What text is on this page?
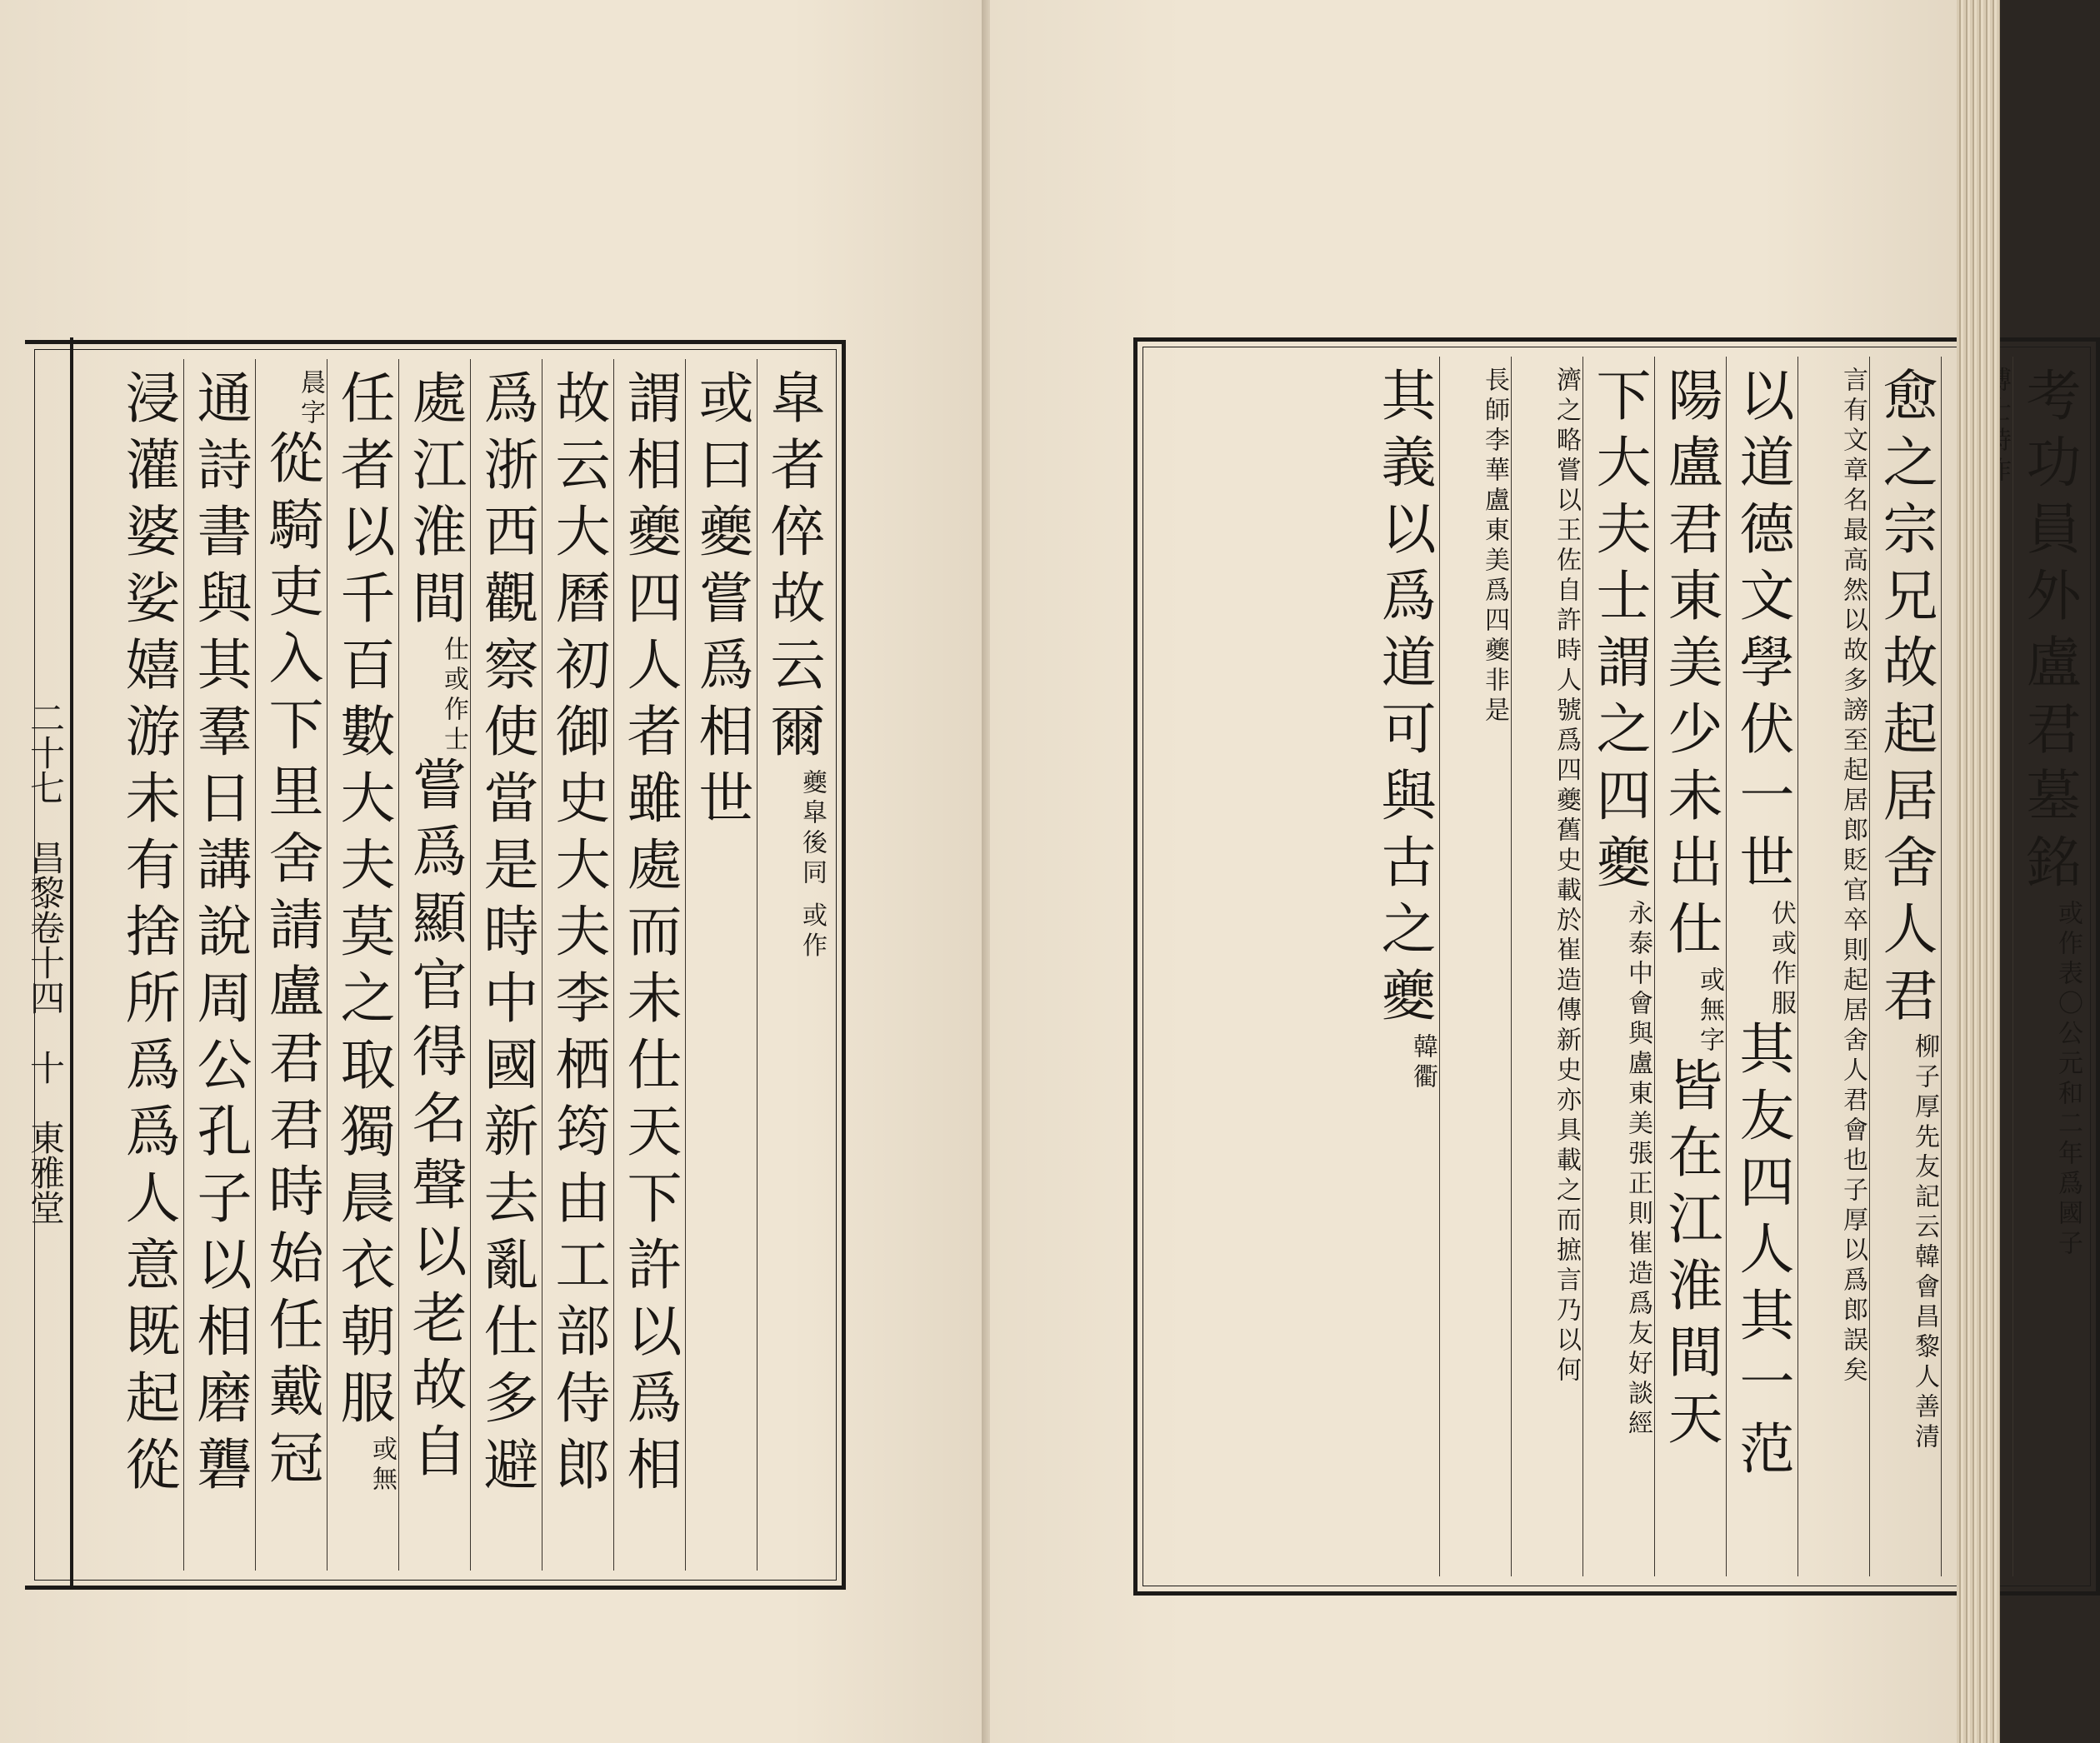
皐者倅故云爾夔皐後同 或作
或曰夔嘗爲相世
謂相夔四人者雖處而未仕天下許以爲相
故云大曆初御史大夫李栖筠由工部侍郎
爲浙西觀察使當是時中國新去亂仕多避
處江淮間仕或作士嘗爲顯官得名聲以老故自
任者以千百數大夫莫之取獨晨衣朝服或無
晨字從騎吏入下里舍請盧君君時始任戴冠
通詩書與其羣日講說周公孔子以相磨礱
浸灌婆娑嬉游未有捨所爲爲人意既起從
二十七　昌黎卷十四　十　東雅堂
考功員外盧君墓銘或作表〇公元和二年爲國子
愈之宗兄故起居舍人君柳子厚先友記云韓會昌黎人善清
言有文章名最高然以故多謗至起居郎貶官卒則起居舍人君會也子厚以爲郎誤矣
以道德文學伏一世伏或作服其友四人其一范
陽盧君東美少未出仕或無字皆在江淮間天
下大夫士謂之四夔永泰中會與盧東美張正則崔造爲友好談經
濟之略嘗以王佐自許時人號爲四夔舊史載於崔造傳新史亦具載之而摭言乃以何
長師李華盧東美爲四夔非是
其義以爲道可與古之夔韓衢
